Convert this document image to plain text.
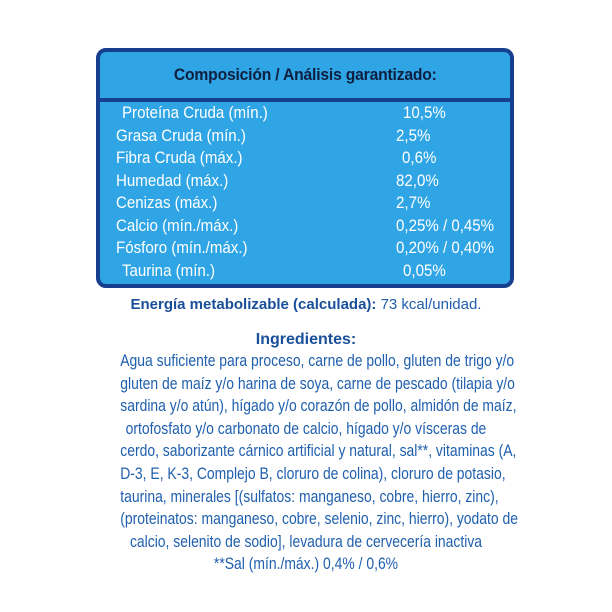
Composición / Análisis garantizado:
Proteína Cruda (mín.)	10,5%
Grasa Cruda (mín.)	2,5%
Fibra Cruda (máx.)	0,6%
Humedad (máx.)	82,0%
Cenizas (máx.)	2,7%
Calcio (mín./máx.)	0,25% / 0,45%
Fósforo (mín./máx.)	0,20% / 0,40%
Taurina (mín.)	0,05%
Energía metabolizable (calculada): 73 kcal/unidad.
Ingredientes:
Agua suficiente para proceso, carne de pollo, gluten de trigo y/o
gluten de maíz y/o harina de soya, carne de pescado (tilapia y/o
sardina y/o atún), hígado y/o corazón de pollo, almidón de maíz,
ortofosfato y/o carbonato de calcio, hígado y/o vísceras de
cerdo, saborizante cárnico artificial y natural, sal**, vitaminas (A,
D-3, E, K-3, Complejo B, cloruro de colina), cloruro de potasio,
taurina, minerales [(sulfatos: manganeso, cobre, hierro, zinc),
(proteinatos: manganeso, cobre, selenio, zinc, hierro), yodato de
calcio, selenito de sodio], levadura de cervecería inactiva
**Sal (mín./máx.) 0,4% / 0,6%
